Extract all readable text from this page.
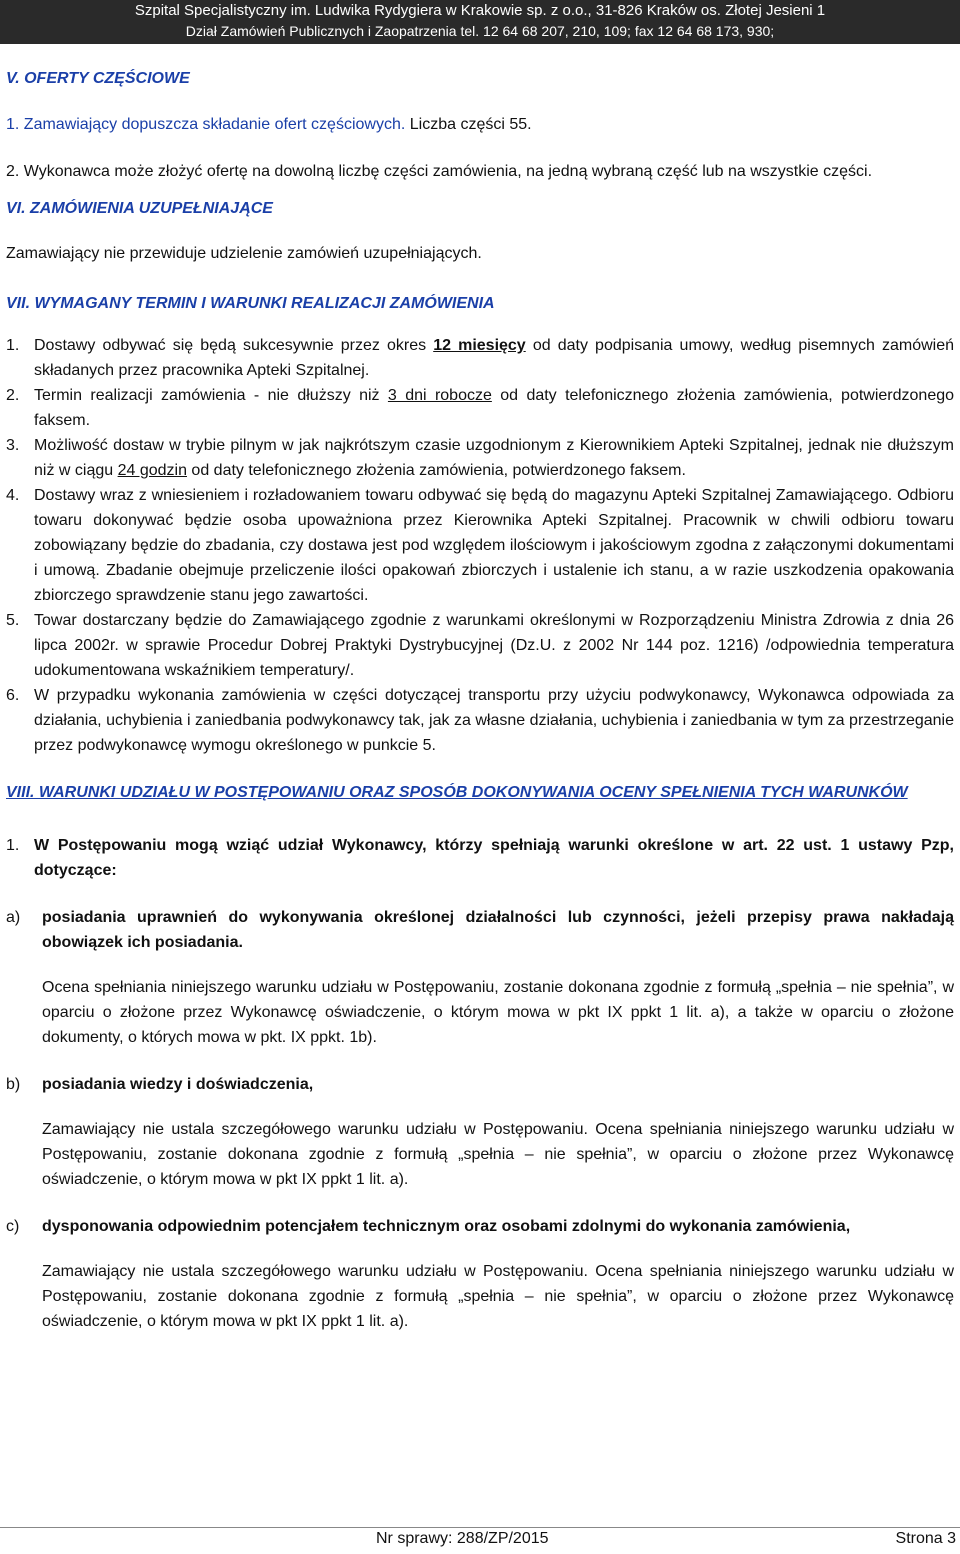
Szpital Specjalistyczny im. Ludwika Rydygiera w Krakowie sp. z o.o., 31-826 Kraków os. Złotej Jesieni 1
Dział Zamówień Publicznych i Zaopatrzenia tel. 12 64 68 207, 210, 109; fax 12 64 68 173, 930;
V. OFERTY CZĘŚCIOWE

1. Zamawiający dopuszcza składanie ofert częściowych. Liczba części 55.

2. Wykonawca może złożyć ofertę na dowolną liczbę części zamówienia, na jedną wybraną część lub na wszystkie części.

VI. ZAMÓWIENIA UZUPEŁNIAJĄCE

Zamawiający nie przewiduje udzielenie zamówień uzupełniających.

VII. WYMAGANY TERMIN I WARUNKI REALIZACJI ZAMÓWIENIA
1. Dostawy odbywać się będą sukcesywnie przez okres 12 miesięcy od daty podpisania umowy, według pisemnych zamówień składanych przez pracownika Apteki Szpitalnej.
2. Termin realizacji zamówienia - nie dłuższy niż 3 dni robocze od daty telefonicznego złożenia zamówienia, potwierdzonego faksem.
3. Możliwość dostaw w trybie pilnym w jak najkrótszym czasie uzgodnionym z Kierownikiem Apteki Szpitalnej, jednak nie dłuższym niż w ciągu 24 godzin od daty telefonicznego złożenia zamówienia, potwierdzonego faksem.
4. Dostawy wraz z wniesieniem i rozładowaniem towaru odbywać się będą do magazynu Apteki Szpitalnej Zamawiającego. Odbioru towaru dokonywać będzie osoba upoważniona przez Kierownika Apteki Szpitalnej. Pracownik w chwili odbioru towaru zobowiązany będzie do zbadania, czy dostawa jest pod względem ilościowym i jakościowym zgodna z załączonymi dokumentami i umową. Zbadanie obejmuje przeliczenie ilości opakowań zbiorczych i ustalenie ich stanu, a w razie uszkodzenia opakowania zbiorczego sprawdzenie stanu jego zawartości.
5. Towar dostarczany będzie do Zamawiającego zgodnie z warunkami określonymi w Rozporządzeniu Ministra Zdrowia z dnia 26 lipca 2002r. w sprawie Procedur Dobrej Praktyki Dystrybucyjnej (Dz.U. z 2002 Nr 144 poz. 1216) /odpowiednia temperatura udokumentowana wskaźnikiem temperatury/.
6. W przypadku wykonania zamówienia w części dotyczącej transportu przy użyciu podwykonawcy, Wykonawca odpowiada za działania, uchybienia i zaniedbania podwykonawcy tak, jak za własne działania, uchybienia i zaniedbania w tym za przestrzeganie przez podwykonawcę wymogu określonego w punkcie 5.
VIII. WARUNKI UDZIAŁU W POSTĘPOWANIU ORAZ SPOSÓB DOKONYWANIA OCENY SPEŁNIENIA TYCH WARUNKÓW
1. W Postępowaniu mogą wziąć udział Wykonawcy, którzy spełniają warunki określone w art. 22 ust. 1 ustawy Pzp, dotyczące:
a) posiadania uprawnień do wykonywania określonej działalności lub czynności, jeżeli przepisy prawa nakładają obowiązek ich posiadania.

Ocena spełniania niniejszego warunku udziału w Postępowaniu, zostanie dokonana zgodnie z formułą „spełnia – nie spełnia”, w oparciu o złożone przez Wykonawcę oświadczenie, o którym mowa w pkt IX ppkt 1 lit. a), a także w oparciu o złożone dokumenty, o których mowa w pkt. IX ppkt. 1b).

b) posiadania wiedzy i doświadczenia,

Zamawiający nie ustala szczegółowego warunku udziału w Postępowaniu. Ocena spełniania niniejszego warunku udziału w Postępowaniu, zostanie dokonana zgodnie z formułą „spełnia – nie spełnia”, w oparciu o złożone przez Wykonawcę oświadczenie, o którym mowa w pkt IX ppkt 1 lit. a).

c) dysponowania odpowiednim potencjałem technicznym oraz osobami zdolnymi do wykonania zamówienia,

Zamawiający nie ustala szczegółowego warunku udziału w Postępowaniu. Ocena spełniania niniejszego warunku udziału w Postępowaniu, zostanie dokonana zgodnie z formułą „spełnia – nie spełnia”, w oparciu o złożone przez Wykonawcę oświadczenie, o którym mowa w pkt IX ppkt 1 lit. a).

Nr sprawy: 288/ZP/2015	Strona 3
